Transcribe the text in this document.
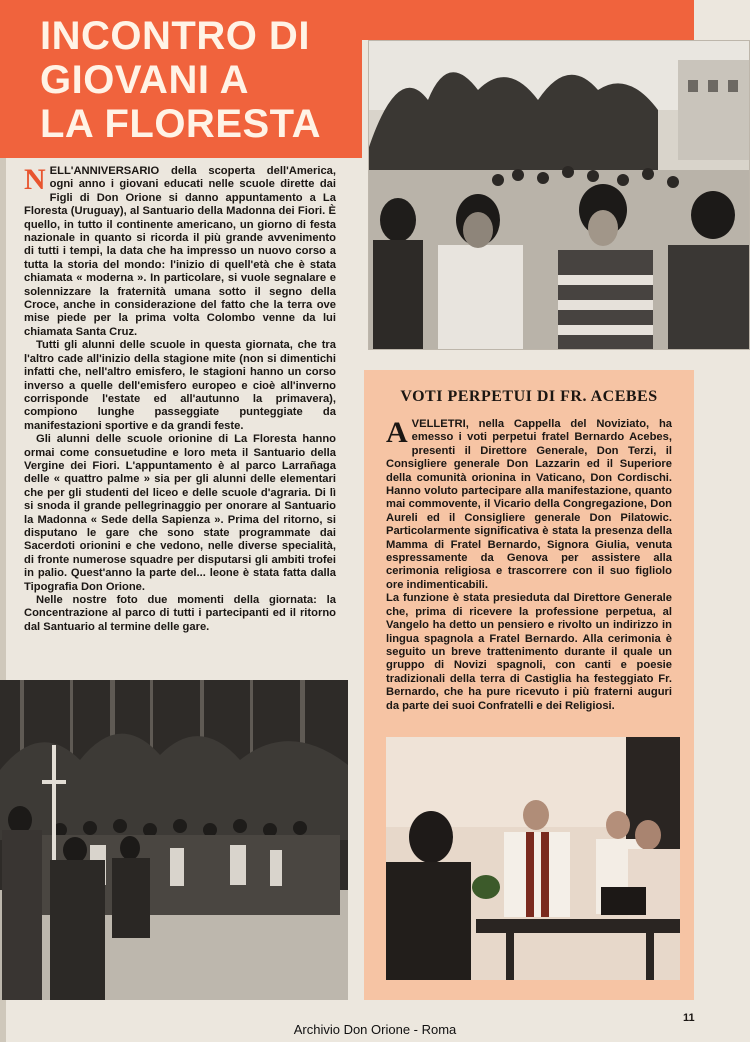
INCONTRO DI
GIOVANI A
LA FLORESTA

NELL'ANNIVERSARIO della scoperta dell'America, ogni anno i giovani educati nelle scuole dirette dai Figli di Don Orione si danno appuntamento a La Floresta (Uruguay), al Santuario della Madonna dei Fiori. È quello, in tutto il continente americano, un giorno di festa nazionale in quanto si ricorda il più grande avvenimento di tutti i tempi, la data che ha impresso un nuovo corso a tutta la storia del mondo: l'inizio di quell'età che è stata chiamata « moderna ». In particolare, si vuole segnalare e solennizzare la fraternità umana sotto il segno della Croce, anche in considerazione del fatto che la terra ove mise piede per la prima volta Colombo venne da lui chiamata Santa Cruz.

Tutti gli alunni delle scuole in questa giornata, che tra l'altro cade all'inizio della stagione mite (non si dimentichi infatti che, nell'altro emisfero, le stagioni hanno un corso inverso a quelle dell'emisfero europeo e cioè all'inverno corrisponde l'estate ed all'autunno la primavera), compiono lunghe passeggiate punteggiate da manifestazioni sportive e da grandi feste.

Gli alunni delle scuole orionine di La Floresta hanno ormai come consuetudine e loro meta il Santuario della Vergine dei Fiori. L'appuntamento è al parco Larrañaga delle « quattro palme » sia per gli alunni delle elementari che per gli studenti del liceo e delle scuole d'agraria. Di lì si snoda il grande pellegrinaggio per onorare al Santuario la Madonna « Sede della Sapienza ». Prima del ritorno, si disputano le gare che sono state programmate dai Sacerdoti orionini e che vedono, nelle diverse specialità, di fronte numerose squadre per disputarsi gli ambiti trofei in palio. Quest'anno la parte del... leone è stata fatta dalla Tipografia Don Orione.

Nelle nostre foto due momenti della giornata: la Concentrazione al parco di tutti i partecipanti ed il ritorno dal Santuario al termine delle gare.

VOTI PERPETUI DI FR. ACEBES

AVELLETRI, nella Cappella del Noviziato, ha emesso i voti perpetui fratel Bernardo Acebes, presenti il Direttore Generale, Don Terzi, il Consigliere generale Don Lazzarin ed il Superiore della comunità orionina in Vaticano, Don Cordischi. Hanno voluto partecipare alla manifestazione, quanto mai commovente, il Vicario della Congregazione, Don Aureli ed il Consigliere generale Don Pilatowic. Particolarmente significativa è stata la presenza della Mamma di Fratel Bernardo, Signora Giulia, venuta espressamente da Genova per assistere alla cerimonia religiosa e trascorrere con il suo figliolo ore indimenticabili.

La funzione è stata presieduta dal Direttore Generale che, prima di ricevere la professione perpetua, al Vangelo ha detto un pensiero e rivolto un indirizzo in lingua spagnola a Fratel Bernardo. Alla cerimonia è seguito un breve trattenimento durante il quale un gruppo di Novizi spagnoli, con canti e poesie tradizionali della terra di Castiglia ha festeggiato Fr. Bernardo, che ha pure ricevuto i più fraterni auguri da parte dei suoi Confratelli e dei Religiosi.

11
Archivio Don Orione - Roma
